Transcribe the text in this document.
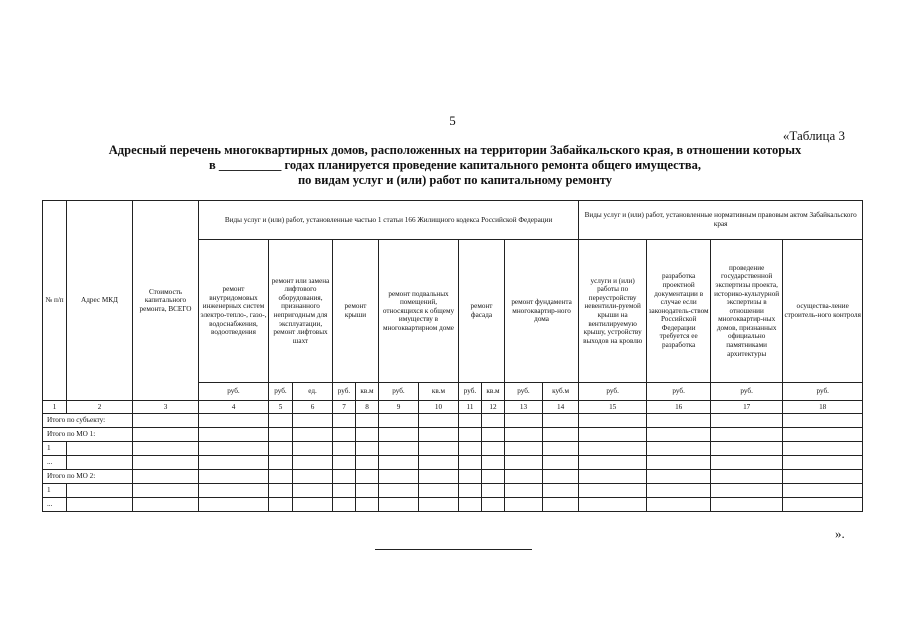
5
«Таблица 3
Адресный перечень многоквартирных домов, расположенных на территории Забайкальского края, в отношении которых
в __________ годах планируется проведение капитального ремонта общего имущества,
по видам услуг и (или) работ по капитальному ремонту
№ п/п	Адрес МКД	Стоимость капитального ремонта, ВСЕГО	Виды услуг и (или) работ, установленные частью 1 статьи 166 Жилищного кодекса Российской Федерации											Виды услуг и (или) работ, установленные нормативным правовым актом Забайкальского края				
			ремонт внутридомовых инженерных систем электро-тепло-, газо-, водоснабжения, водоотведения	ремонт или замена лифтового оборудования, признанного непригодным для эксплуатации, ремонт лифтовых шахт		ремонт крыши		ремонт подвальных помещений, относящихся к общему имуществу в многоквартирном доме		ремонт фасада		ремонт фундамента многоквартир-ного дома		услуги и (или) работы по переустройству невентили-руемой крыши на вентилируемую крышу, устройству выходов на кровлю	разработка проектной документации в случае если законодатель-ством Российской Федерации требуется ее разработка	проведение государственной экспертизы проекта, историко-культурной экспертизы в отношении многоквартир-ных домов, признанных официально памятниками архитектуры	осущества-ление строитель-ного контроля	
			руб.	руб.	ед.	руб.	кв.м	руб.	кв.м	руб.	кв.м	руб.	куб.м	руб.	руб.	руб.	руб.	
1	2	3	4	5	6	7	8	9	10	11	12	13	14	15	16	17	18	
Итого по субъекту:																		
Итого по МО 1:																		
1																		
...																		
Итого по МО 2:																		
1																		
...																		
».
